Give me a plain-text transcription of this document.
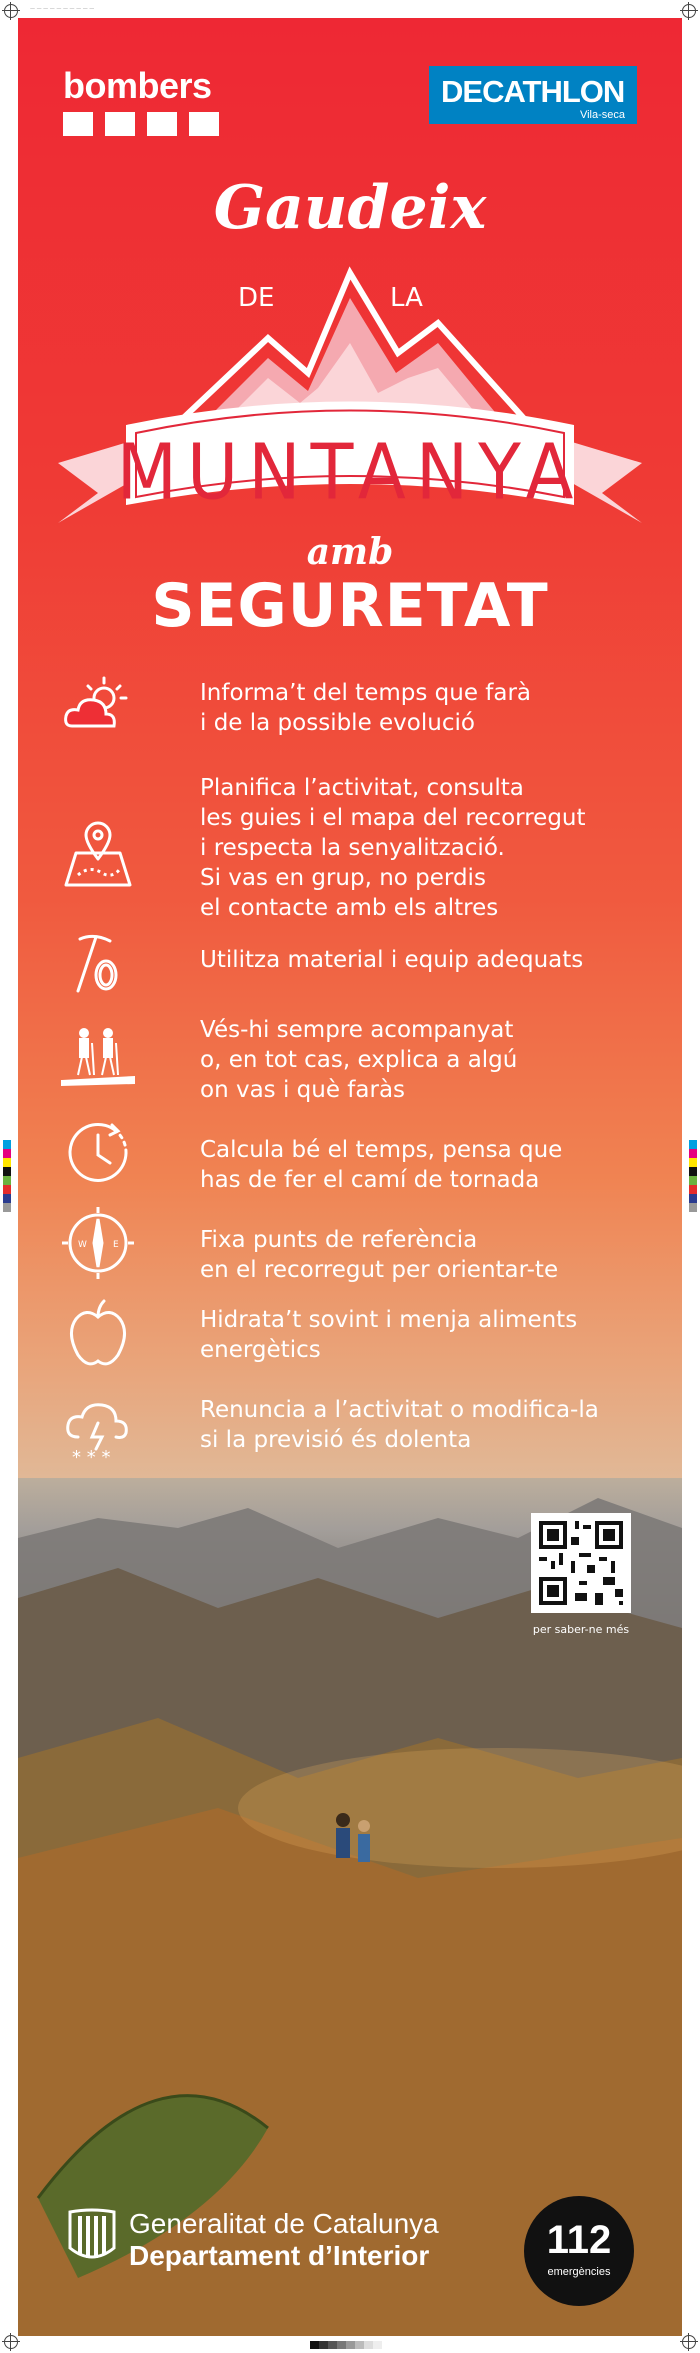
— — — — — — — — — —
bombers	DECATHLON
Vila-seca
Gaudeix
DE	LA
MUNTANYA
amb
SEGURETAT
Informa’t del temps que farà
i de la possible evolució
Planifica l’activitat, consulta
les guies i el mapa del recorregut
i respecta la senyalització.
Si vas en grup, no perdis
el contacte amb els altres
Utilitza material i equip adequats
Vés-hi sempre acompanyat
o, en tot cas, explica a algú
on vas i què faràs
Calcula bé el temps, pensa que
has de fer el camí de tornada
W	E	Fixa punts de referència
en el recorregut per orientar-te
Hidrata’t sovint i menja aliments
energètics
* * *
Renuncia a l’activitat o modifica-la
si la previsió és dolenta
per saber-ne més
Generalitat de Catalunya
Departament d’Interior	112
emergències
